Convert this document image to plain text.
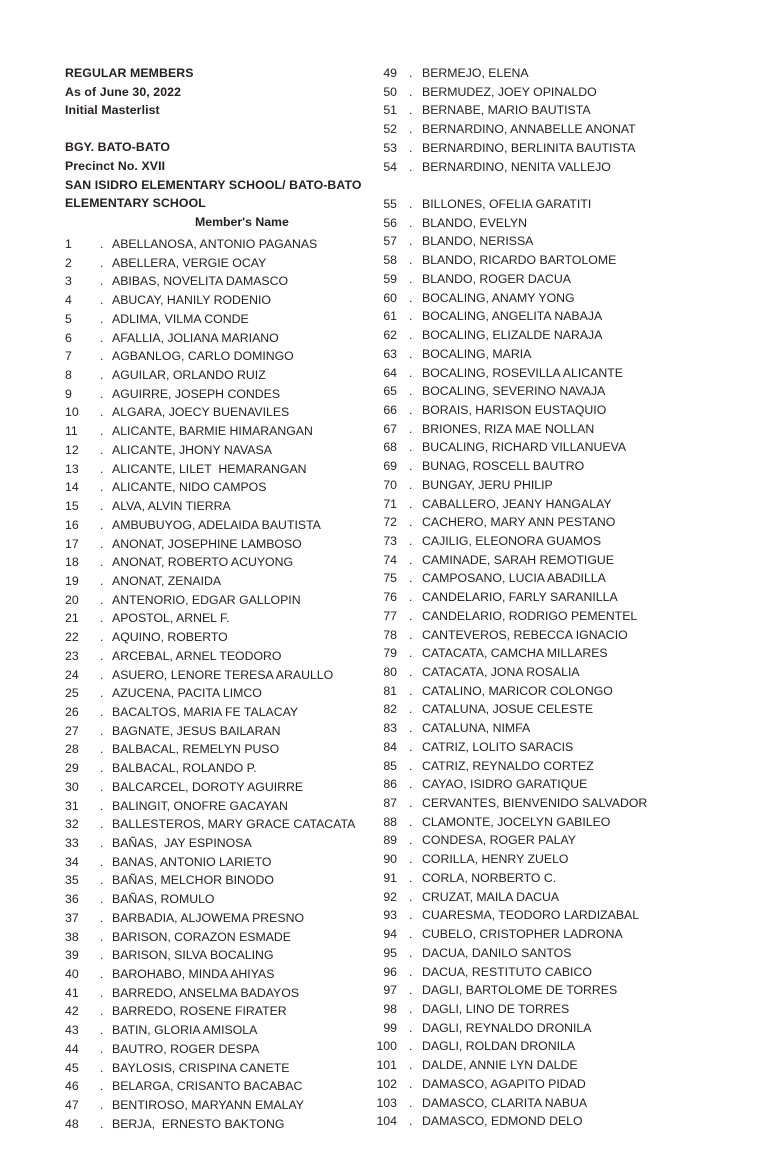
REGULAR MEMBERS
As of June 30, 2022
Initial Masterlist
BGY. BATO-BATO
Precinct No. XVII
SAN ISIDRO ELEMENTARY SCHOOL/ BATO-BATO
ELEMENTARY SCHOOL
Member's Name
1	. ABELLANOSA, ANTONIO PAGANAS
2	. ABELLERA, VERGIE OCAY
3	. ABIBAS, NOVELITA DAMASCO
4	. ABUCAY, HANILY RODENIO
5	. ADLIMA, VILMA CONDE
6	. AFALLIA, JOLIANA MARIANO
7	. AGBANLOG, CARLO DOMINGO
8	. AGUILAR, ORLANDO RUIZ
9	. AGUIRRE, JOSEPH CONDES
10	. ALGARA, JOECY BUENAVILES
11	. ALICANTE, BARMIE HIMARANGAN
12	. ALICANTE, JHONY NAVASA
13	. ALICANTE, LILET  HEMARANGAN
14	. ALICANTE, NIDO CAMPOS
15	. ALVA, ALVIN TIERRA
16	. AMBUBUYOG, ADELAIDA BAUTISTA
17	. ANONAT, JOSEPHINE LAMBOSO
18	. ANONAT, ROBERTO ACUYONG
19	. ANONAT, ZENAIDA
20	. ANTENORIO, EDGAR GALLOPIN
21	. APOSTOL, ARNEL F.
22	. AQUINO, ROBERTO
23	. ARCEBAL, ARNEL TEODORO
24	. ASUERO, LENORE TERESA ARAULLO
25	. AZUCENA, PACITA LIMCO
26	. BACALTOS, MARIA FE TALACAY
27	. BAGNATE, JESUS BAILARAN
28	. BALBACAL, REMELYN PUSO
29	. BALBACAL, ROLANDO P.
30	. BALCARCEL, DOROTY AGUIRRE
31	. BALINGIT, ONOFRE GACAYAN
32	. BALLESTEROS, MARY GRACE CATACATA
33	. BAÑAS,  JAY ESPINOSA
34	. BANAS, ANTONIO LARIETO
35	. BAÑAS, MELCHOR BINODO
36	. BAÑAS, ROMULO
37	. BARBADIA, ALJOWEMA PRESNO
38	. BARISON, CORAZON ESMADE
39	. BARISON, SILVA BOCALING
40	. BAROHABO, MINDA AHIYAS
41	. BARREDO, ANSELMA BADAYOS
42	. BARREDO, ROSENE FIRATER
43	. BATIN, GLORIA AMISOLA
44	. BAUTRO, ROGER DESPA
45	. BAYLOSIS, CRISPINA CANETE
46	. BELARGA, CRISANTO BACABAC
47	. BENTIROSO, MARYANN EMALAY
48	. BERJA,  ERNESTO BAKTONG
49 . BERMEJO, ELENA
50 . BERMUDEZ, JOEY OPINALDO
51 . BERNABE, MARIO BAUTISTA
52 . BERNARDINO, ANNABELLE ANONAT
53 . BERNARDINO, BERLINITA BAUTISTA
54 . BERNARDINO, NENITA VALLEJO
55 . BILLONES, OFELIA GARATITI
56 . BLANDO, EVELYN
57 . BLANDO, NERISSA
58 . BLANDO, RICARDO BARTOLOME
59 . BLANDO, ROGER DACUA
60 . BOCALING, ANAMY YONG
61 . BOCALING, ANGELITA NABAJA
62 . BOCALING, ELIZALDE NARAJA
63 . BOCALING, MARIA
64 . BOCALING, ROSEVILLA ALICANTE
65 . BOCALING, SEVERINO NAVAJA
66 . BORAIS, HARISON EUSTAQUIO
67 . BRIONES, RIZA MAE NOLLAN
68 . BUCALING, RICHARD VILLANUEVA
69 . BUNAG, ROSCELL BAUTRO
70 . BUNGAY, JERU PHILIP
71 . CABALLERO, JEANY HANGALAY
72 . CACHERO, MARY ANN PESTANO
73 . CAJILIG, ELEONORA GUAMOS
74 . CAMINADE, SARAH REMOTIGUE
75 . CAMPOSANO, LUCIA ABADILLA
76 . CANDELARIO, FARLY SARANILLA
77 . CANDELARIO, RODRIGO PEMENTEL
78 . CANTEVEROS, REBECCA IGNACIO
79 . CATACATA, CAMCHA MILLARES
80 . CATACATA, JONA ROSALIA
81 . CATALINO, MARICOR COLONGO
82 . CATALUNA, JOSUE CELESTE
83 . CATALUNA, NIMFA
84 . CATRIZ, LOLITO SARACIS
85 . CATRIZ, REYNALDO CORTEZ
86 . CAYAO, ISIDRO GARATIQUE
87 . CERVANTES, BIENVENIDO SALVADOR
88 . CLAMONTE, JOCELYN GABILEO
89 . CONDESA, ROGER PALAY
90 . CORILLA, HENRY ZUELO
91 . CORLA, NORBERTO C.
92 . CRUZAT, MAILA DACUA
93 . CUARESMA, TEODORO LARDIZABAL
94 . CUBELO, CRISTOPHER LADRONA
95 . DACUA, DANILO SANTOS
96 . DACUA, RESTITUTO CABICO
97 . DAGLI, BARTOLOME DE TORRES
98 . DAGLI, LINO DE TORRES
99 . DAGLI, REYNALDO DRONILA
100 . DAGLI, ROLDAN DRONILA
101 . DALDE, ANNIE LYN DALDE
102 . DAMASCO, AGAPITO PIDAD
103 . DAMASCO, CLARITA NABUA
104 . DAMASCO, EDMOND DELO
